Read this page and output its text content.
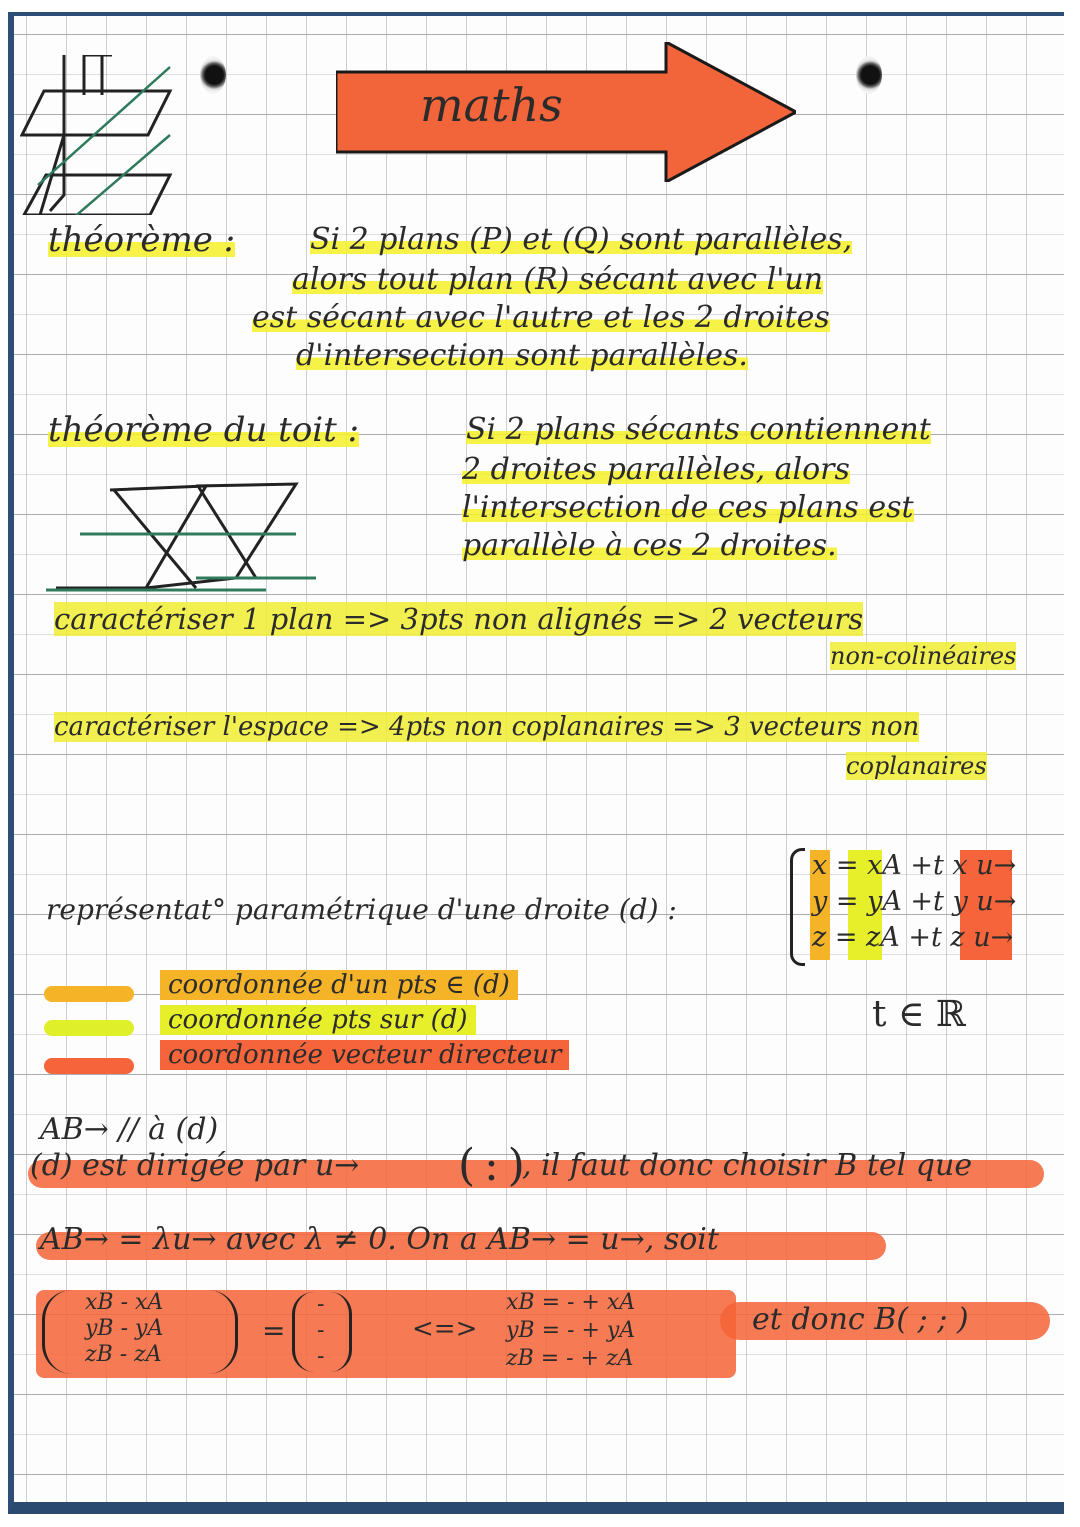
maths
théorème : Si 2 plans (P) et (Q) sont parallèles,
alors tout plan (R) sécant avec l'un
est sécant avec l'autre et les 2 droites
d'intersection sont parallèles.
théorème du toit :	Si 2 plans sécants contiennent
2 droites parallèles, alors
l'intersection de ces plans est
parallèle à ces 2 droites.
caractériser 1 plan => 3pts non alignés => 2 vecteurs
non-colinéaires
caractériser l'espace => 4pts non coplanaires => 3 vecteurs non
coplanaires
représentat° paramétrique d'une droite (d) :
x = xA +t x u→
y = yA +t y u→
z = zA +t z u→
t ∈ ℝ
coordonnée d'un pts ∈ (d)
coordonnée pts sur (d)
coordonnée vecteur directeur
AB→ // à (d)
(d) est dirigée par u→ ( : )
, il faut donc choisir B tel que
AB→ = λu→ avec λ ≠ 0. On a AB→ = u→, soit
xB - xA
yB - yA
zB - zA
=
-
-
-
<=>
xB = - + xA
yB = - + yA
zB = - + zA
et donc B( ; ; )
